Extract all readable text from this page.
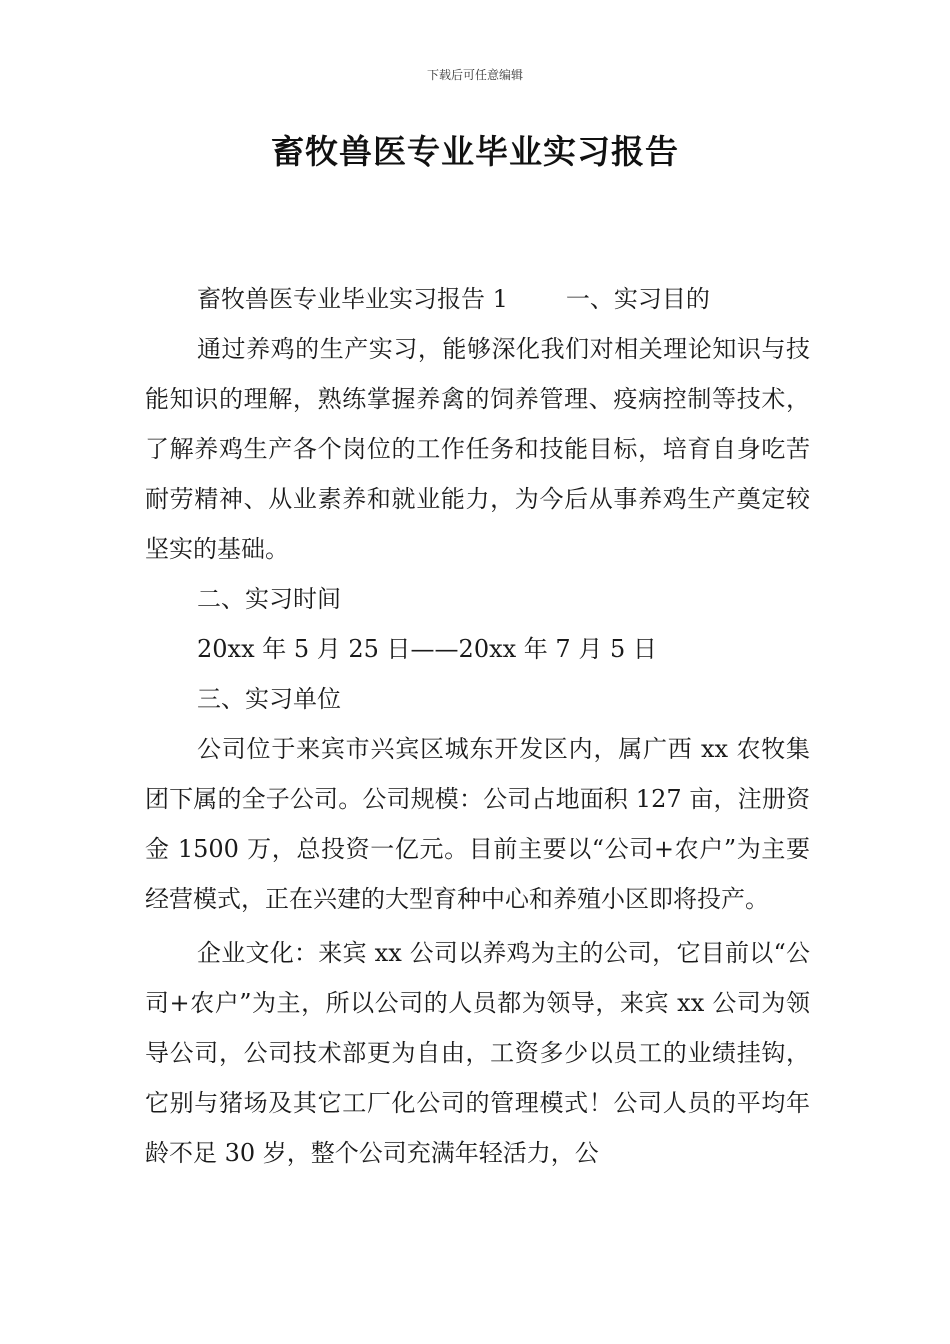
下载后可任意编辑
畜牧兽医专业毕业实习报告

畜牧兽医专业毕业实习报告 1 一、实习目的

通过养鸡的生产实习，能够深化我们对相关理论知识与技能知识的理解，熟练掌握养禽的饲养管理、疫病控制等技术，了解养鸡生产各个岗位的工作任务和技能目标，培育自身吃苦耐劳精神、从业素养和就业能力，为今后从事养鸡生产奠定较坚实的基础。

二、实习时间

20xx 年 5 月 25 日——20xx 年 7 月 5 日

三、实习单位

公司位于来宾市兴宾区城东开发区内，属广西 xx 农牧集团下属的全子公司。公司规模：公司占地面积 127 亩，注册资金 1500 万，总投资一亿元。目前主要以“公司+农户”为主要经营模式，正在兴建的大型育种中心和养殖小区即将投产。

企业文化：来宾 xx 公司以养鸡为主的公司，它目前以“公司+农户”为主，所以公司的人员都为领导，来宾 xx 公司为领导公司，公司技术部更为自由，工资多少以员工的业绩挂钩，它别与猪场及其它工厂化公司的管理模式！公司人员的平均年龄不足 30 岁，整个公司充满年轻活力，公
